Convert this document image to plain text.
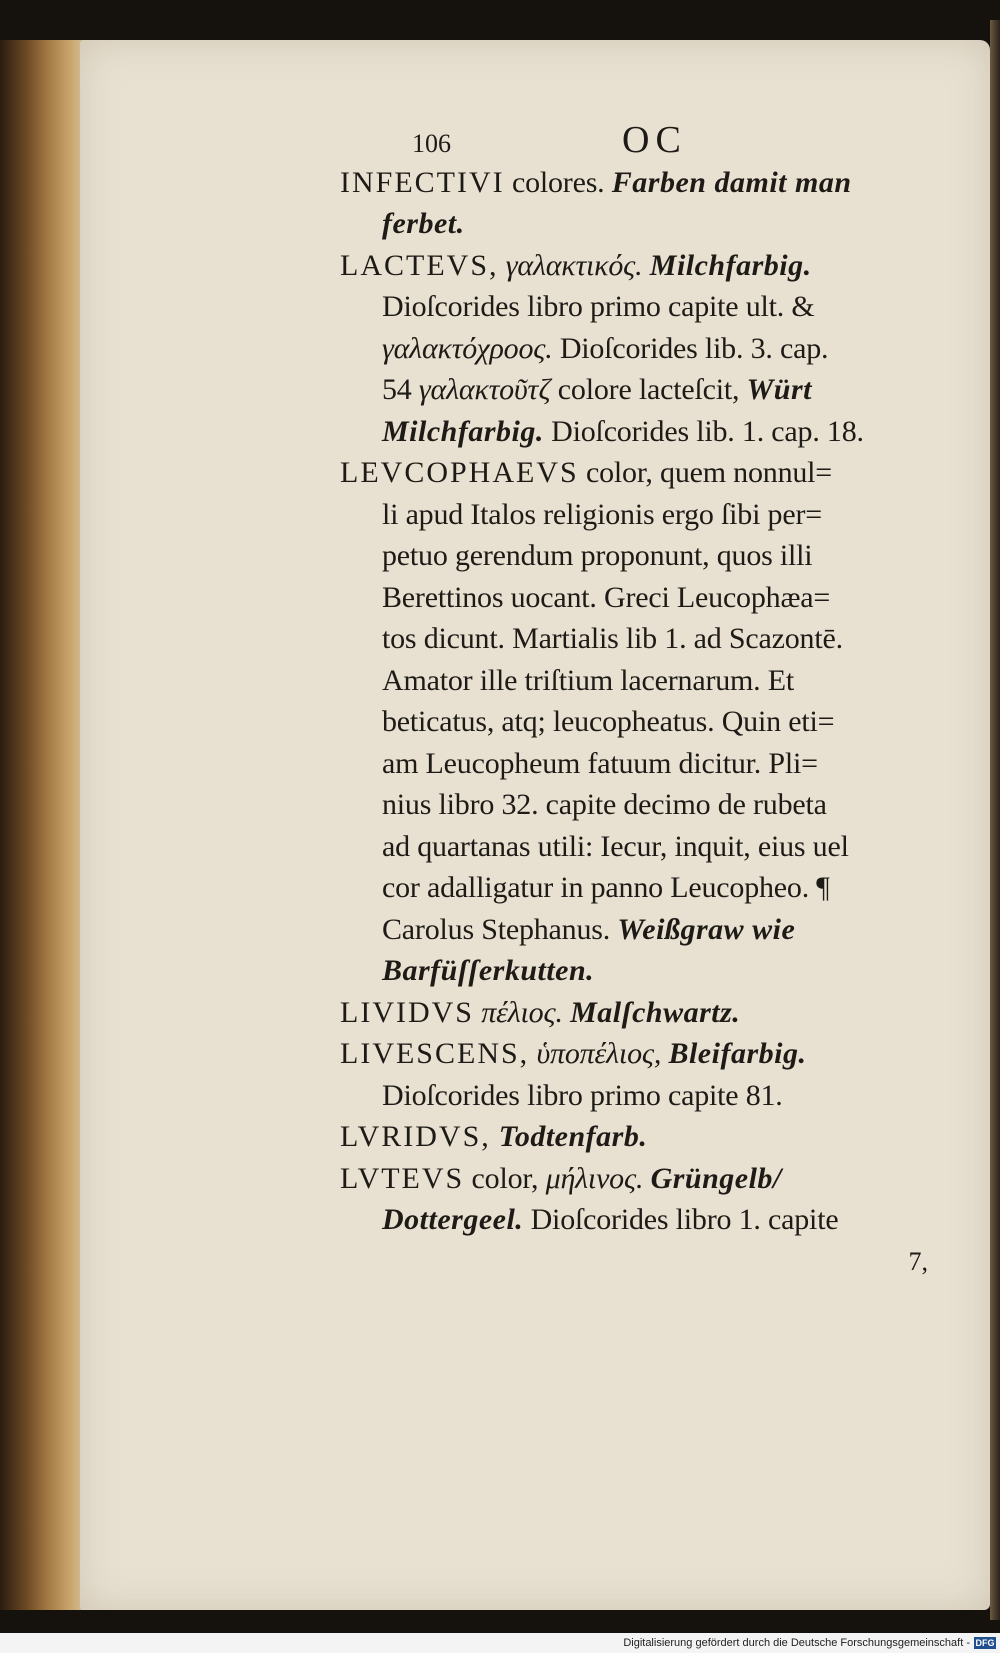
106	OC
INFECTIVI colores. Farben damit man
ferbet.
LACTEVS, γαλακτικός. Milchfarbig.
Dioſcorides libro primo capite ult. &
γαλακτόχροος. Dioſcorides lib. 3. cap.
54 γαλακτοῦτζ colore lacteſcit, Würt
Milchfarbig. Dioſcorides lib. 1. cap. 18.
LEVCOPHAEVS color, quem nonnul=
li apud Italos religionis ergo ſibi per=
petuo gerendum proponunt, quos illi
Berettinos uocant. Greci Leucophæa=
tos dicunt. Martialis lib 1. ad Scazontē.
Amator ille triſtium lacernarum. Et
beticatus, atq; leucopheatus. Quin eti=
am Leucopheum fatuum dicitur. Pli=
nius libro 32. capite decimo de rubeta
ad quartanas utili: Iecur, inquit, eius uel
cor adalligatur in panno Leucopheo. ¶
Carolus Stephanus. Weißgraw wie
Barfüſſerkutten.
LIVIDVS πέλιος. Malſchwartz.
LIVESCENS, ὑποπέλιος, Bleifarbig.
Dioſcorides libro primo capite 81.
LVRIDVS, Todtenfarb.
LVTEVS color, μήλινος. Grüngelb/
Dottergeel. Dioſcorides libro 1. capite
7,
Digitalisierung gefördert durch die Deutsche Forschungsgemeinschaft - DFG
